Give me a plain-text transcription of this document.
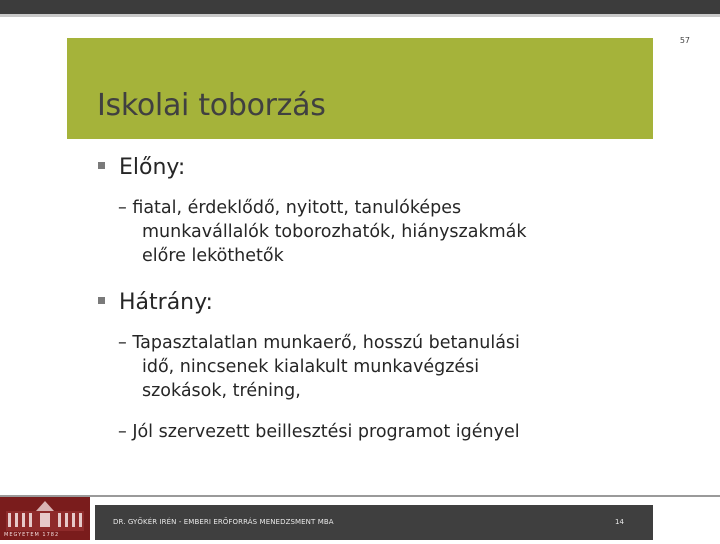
57
Iskolai toborzás
Előny:
– fiatal, érdeklődő, nyitott, tanulóképes
munkavállalók toborozhatók, hiányszakmák
előre leköthetők
Hátrány:
– Tapasztalatlan munkaerő, hosszú betanulási
idő, nincsenek kialakult munkavégzési
szokások, tréning,
– Jól szervezett beillesztési programot igényel
MEGYETEM 1782
DR. GYŐKÉR IRÉN - EMBERI ERŐFORRÁS MENEDZSMENT MBA	14
